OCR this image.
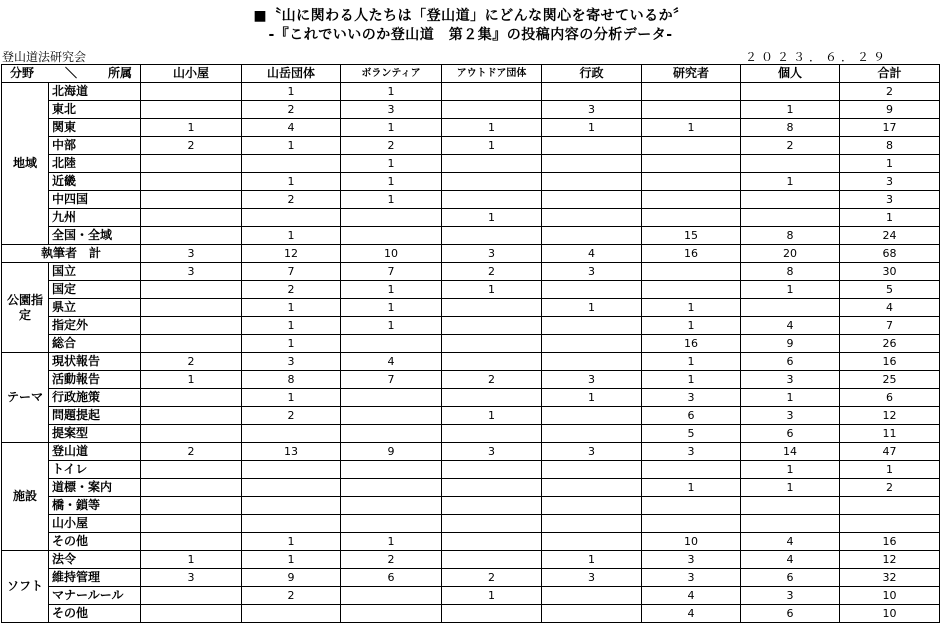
■〝山に関わる人たちは「登山道」にどんな関心を寄せているか〞
-『これでいいのか登山道　第２集』の投稿内容の分析データ-
登山道法研究会	２０２３．６．２９
分野 ＼ 所属		山小屋	山岳団体	ボランティア	アウトドア団体	行政	研究者	個人	合計
地域	北海道		1	1					2
	東北		2	3		3		1	9
	関東	1	4	1	1	1	1	8	17
	中部	2	1	2	1			2	8
	北陸			1					1
	近畿		1	1				1	3
	中四国		2	1					3
	九州				1				1
	全国・全域		1				15	8	24
執筆者　計		3	12	10	3	4	16	20	68
公園指定	国立	3	7	7	2	3		8	30
	国定		2	1	1			1	5
	県立		1	1		1	1		4
	指定外		1	1			1	4	7
	総合		1				16	9	26
テーマ	現状報告	2	3	4			1	6	16
	活動報告	1	8	7	2	3	1	3	25
	行政施策		1			1	3	1	6
	問題提起		2		1		6	3	12
	提案型						5	6	11
施設	登山道	2	13	9	3	3	3	14	47
	トイレ							1	1
	道標・案内						1	1	2
	橋・鎖等								
	山小屋								
	その他		1	1			10	4	16
ソフト	法令	1	1	2		1	3	4	12
	維持管理	3	9	6	2	3	3	6	32
	マナールール		2		1		4	3	10
	その他						4	6	10
